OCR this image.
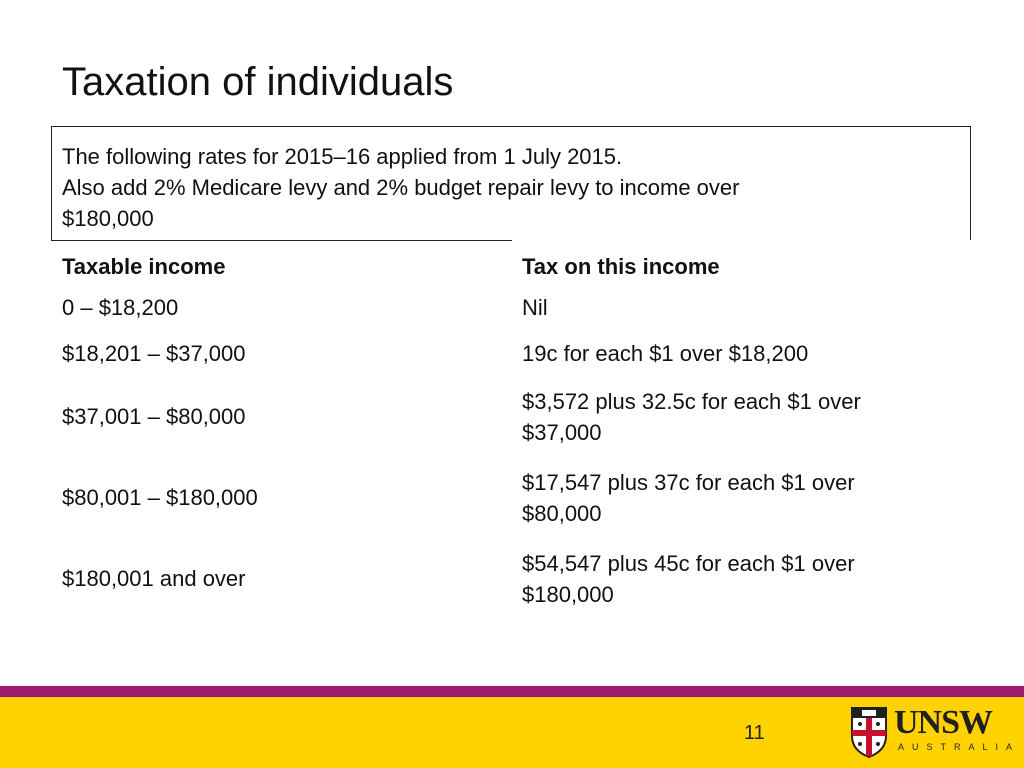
Taxation of individuals
The following rates for 2015–16 applied from 1 July 2015.
Also add 2% Medicare levy and 2% budget repair levy to income over
$180,000
Taxable income	Tax on this income
0 – $18,200	Nil

$18,201 – $37,000	19c for each $1 over $18,200

$37,001 – $80,000	$3,572 plus 32.5c for each $1 over
$37,000

$80,001 – $180,000	$17,547 plus 37c for each $1 over
$80,000

$180,001 and over	$54,547 plus 45c for each $1 over
$180,000
11	UNSW
AUSTRALIA
